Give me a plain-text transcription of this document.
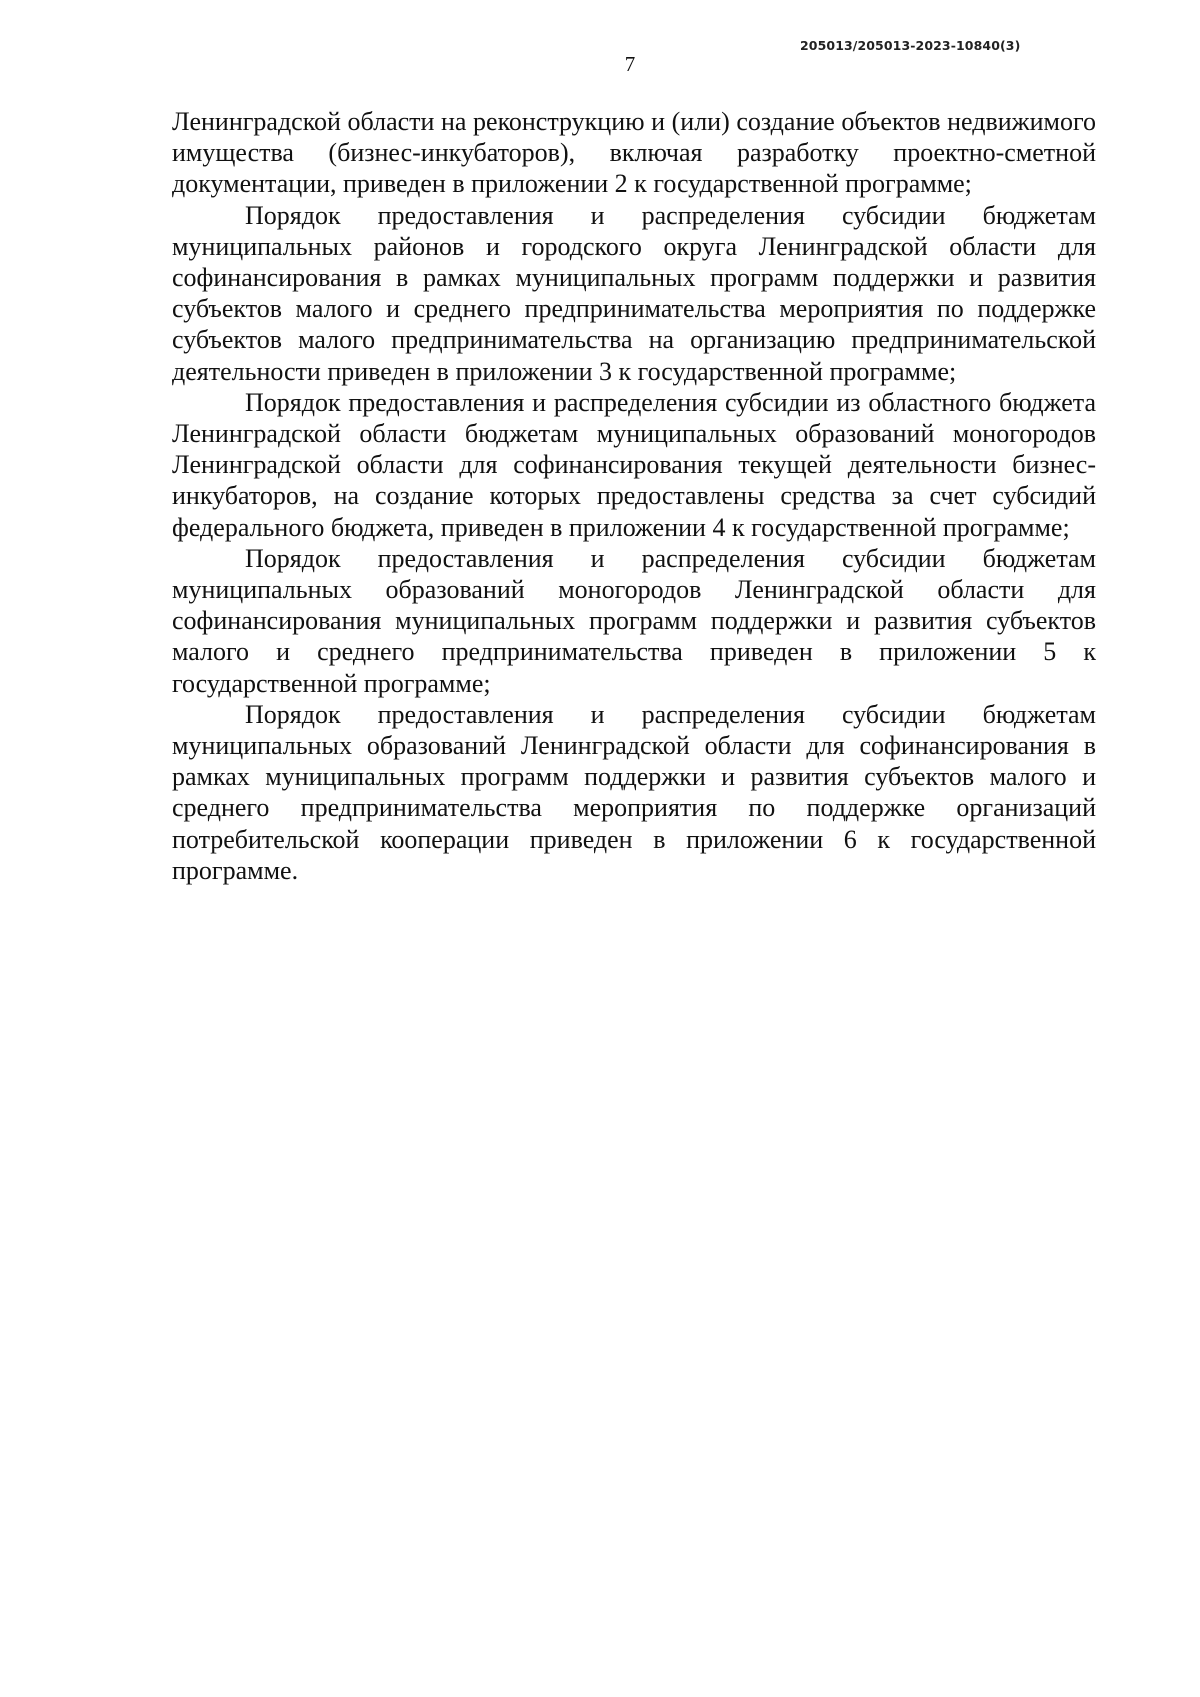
205013/205013-2023-10840(3)
7

Ленинградской области на реконструкцию и (или) создание объектов недвижимого имущества (бизнес-инкубаторов), включая разработку проектно-сметной документации, приведен в приложении 2 к государственной программе;

Порядок предоставления и распределения субсидии бюджетам муниципальных районов и городского округа Ленинградской области для софинансирования в рамках муниципальных программ поддержки и развития субъектов малого и среднего предпринимательства мероприятия по поддержке субъектов малого предпринимательства на организацию предпринимательской деятельности приведен в приложении 3 к государственной программе;

Порядок предоставления и распределения субсидии из областного бюджета Ленинградской области бюджетам муниципальных образований моногородов Ленинградской области для софинансирования текущей деятельности бизнес-инкубаторов, на создание которых предоставлены средства за счет субсидий федерального бюджета, приведен в приложении 4 к государственной программе;

Порядок предоставления и распределения субсидии бюджетам муниципальных образований моногородов Ленинградской области для софинансирования муниципальных программ поддержки и развития субъектов малого и среднего предпринимательства приведен в приложении 5 к государственной программе;

Порядок предоставления и распределения субсидии бюджетам муниципальных образований Ленинградской области для софинансирования в рамках муниципальных программ поддержки и развития субъектов малого и среднего предпринимательства мероприятия по поддержке организаций потребительской кооперации приведен в приложении 6 к государственной программе.
